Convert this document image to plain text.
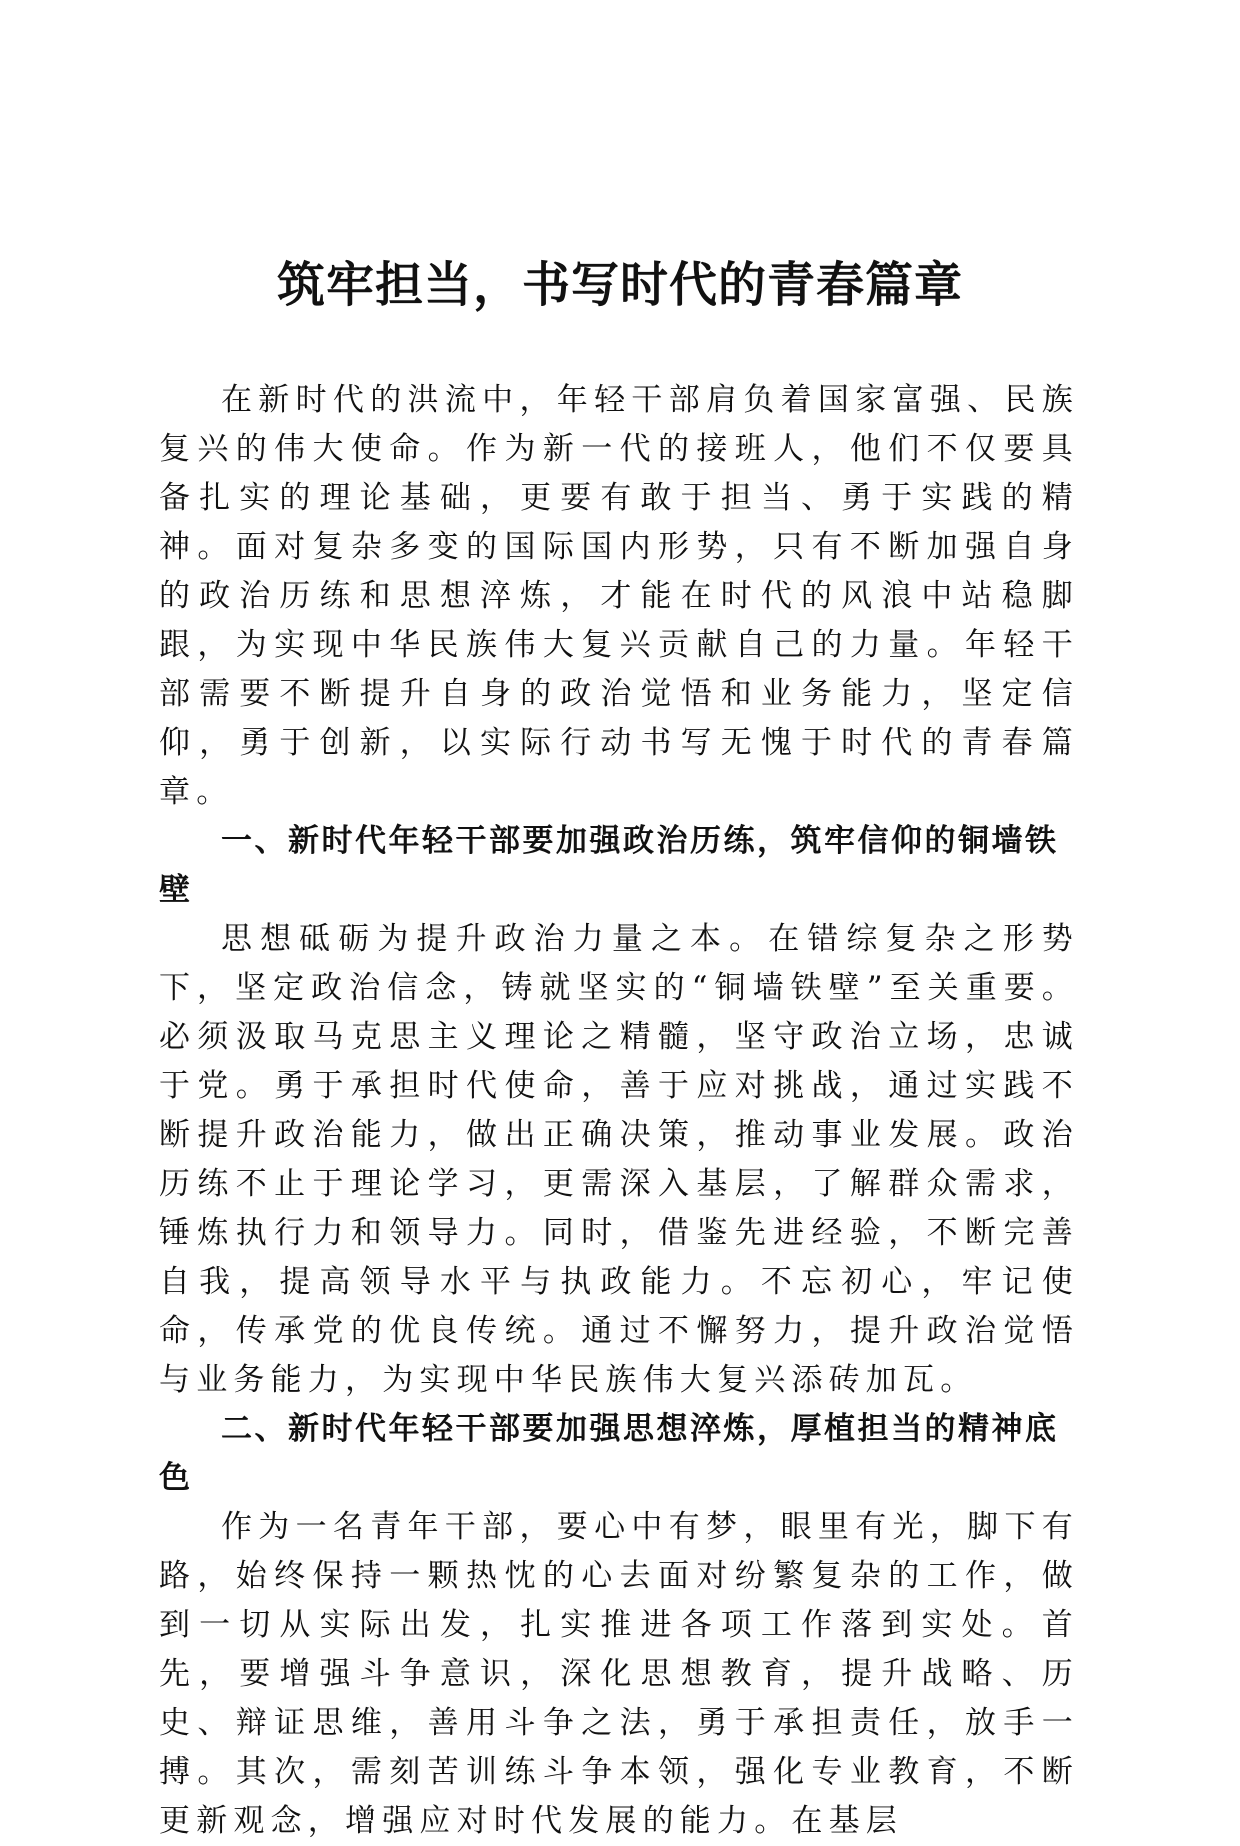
筑牢担当，书写时代的青春篇章

在新时代的洪流中，年轻干部肩负着国家富强、民族复兴的伟大使命。作为新一代的接班人，他们不仅要具备扎实的理论基础，更要有敢于担当、勇于实践的精神。面对复杂多变的国际国内形势，只有不断加强自身的政治历练和思想淬炼，才能在时代的风浪中站稳脚跟，为实现中华民族伟大复兴贡献自己的力量。年轻干部需要不断提升自身的政治觉悟和业务能力，坚定信仰，勇于创新，以实际行动书写无愧于时代的青春篇章。

一、新时代年轻干部要加强政治历练，筑牢信仰的铜墙铁壁

思想砥砺为提升政治力量之本。在错综复杂之形势下，坚定政治信念，铸就坚实的“铜墙铁壁”至关重要。必须汲取马克思主义理论之精髓，坚守政治立场，忠诚于党。勇于承担时代使命，善于应对挑战，通过实践不断提升政治能力，做出正确决策，推动事业发展。政治历练不止于理论学习，更需深入基层，了解群众需求，锤炼执行力和领导力。同时，借鉴先进经验，不断完善自我，提高领导水平与执政能力。不忘初心，牢记使命，传承党的优良传统。通过不懈努力，提升政治觉悟与业务能力，为实现中华民族伟大复兴添砖加瓦。

二、新时代年轻干部要加强思想淬炼，厚植担当的精神底色

作为一名青年干部，要心中有梦，眼里有光，脚下有路，始终保持一颗热忱的心去面对纷繁复杂的工作，做到一切从实际出发，扎实推进各项工作落到实处。首先，要增强斗争意识，深化思想教育，提升战略、历史、辩证思维，善用斗争之法，勇于承担责任，放手一搏。其次，需刻苦训练斗争本领，强化专业教育，不断更新观念，增强应对时代发展的能力。在基层
